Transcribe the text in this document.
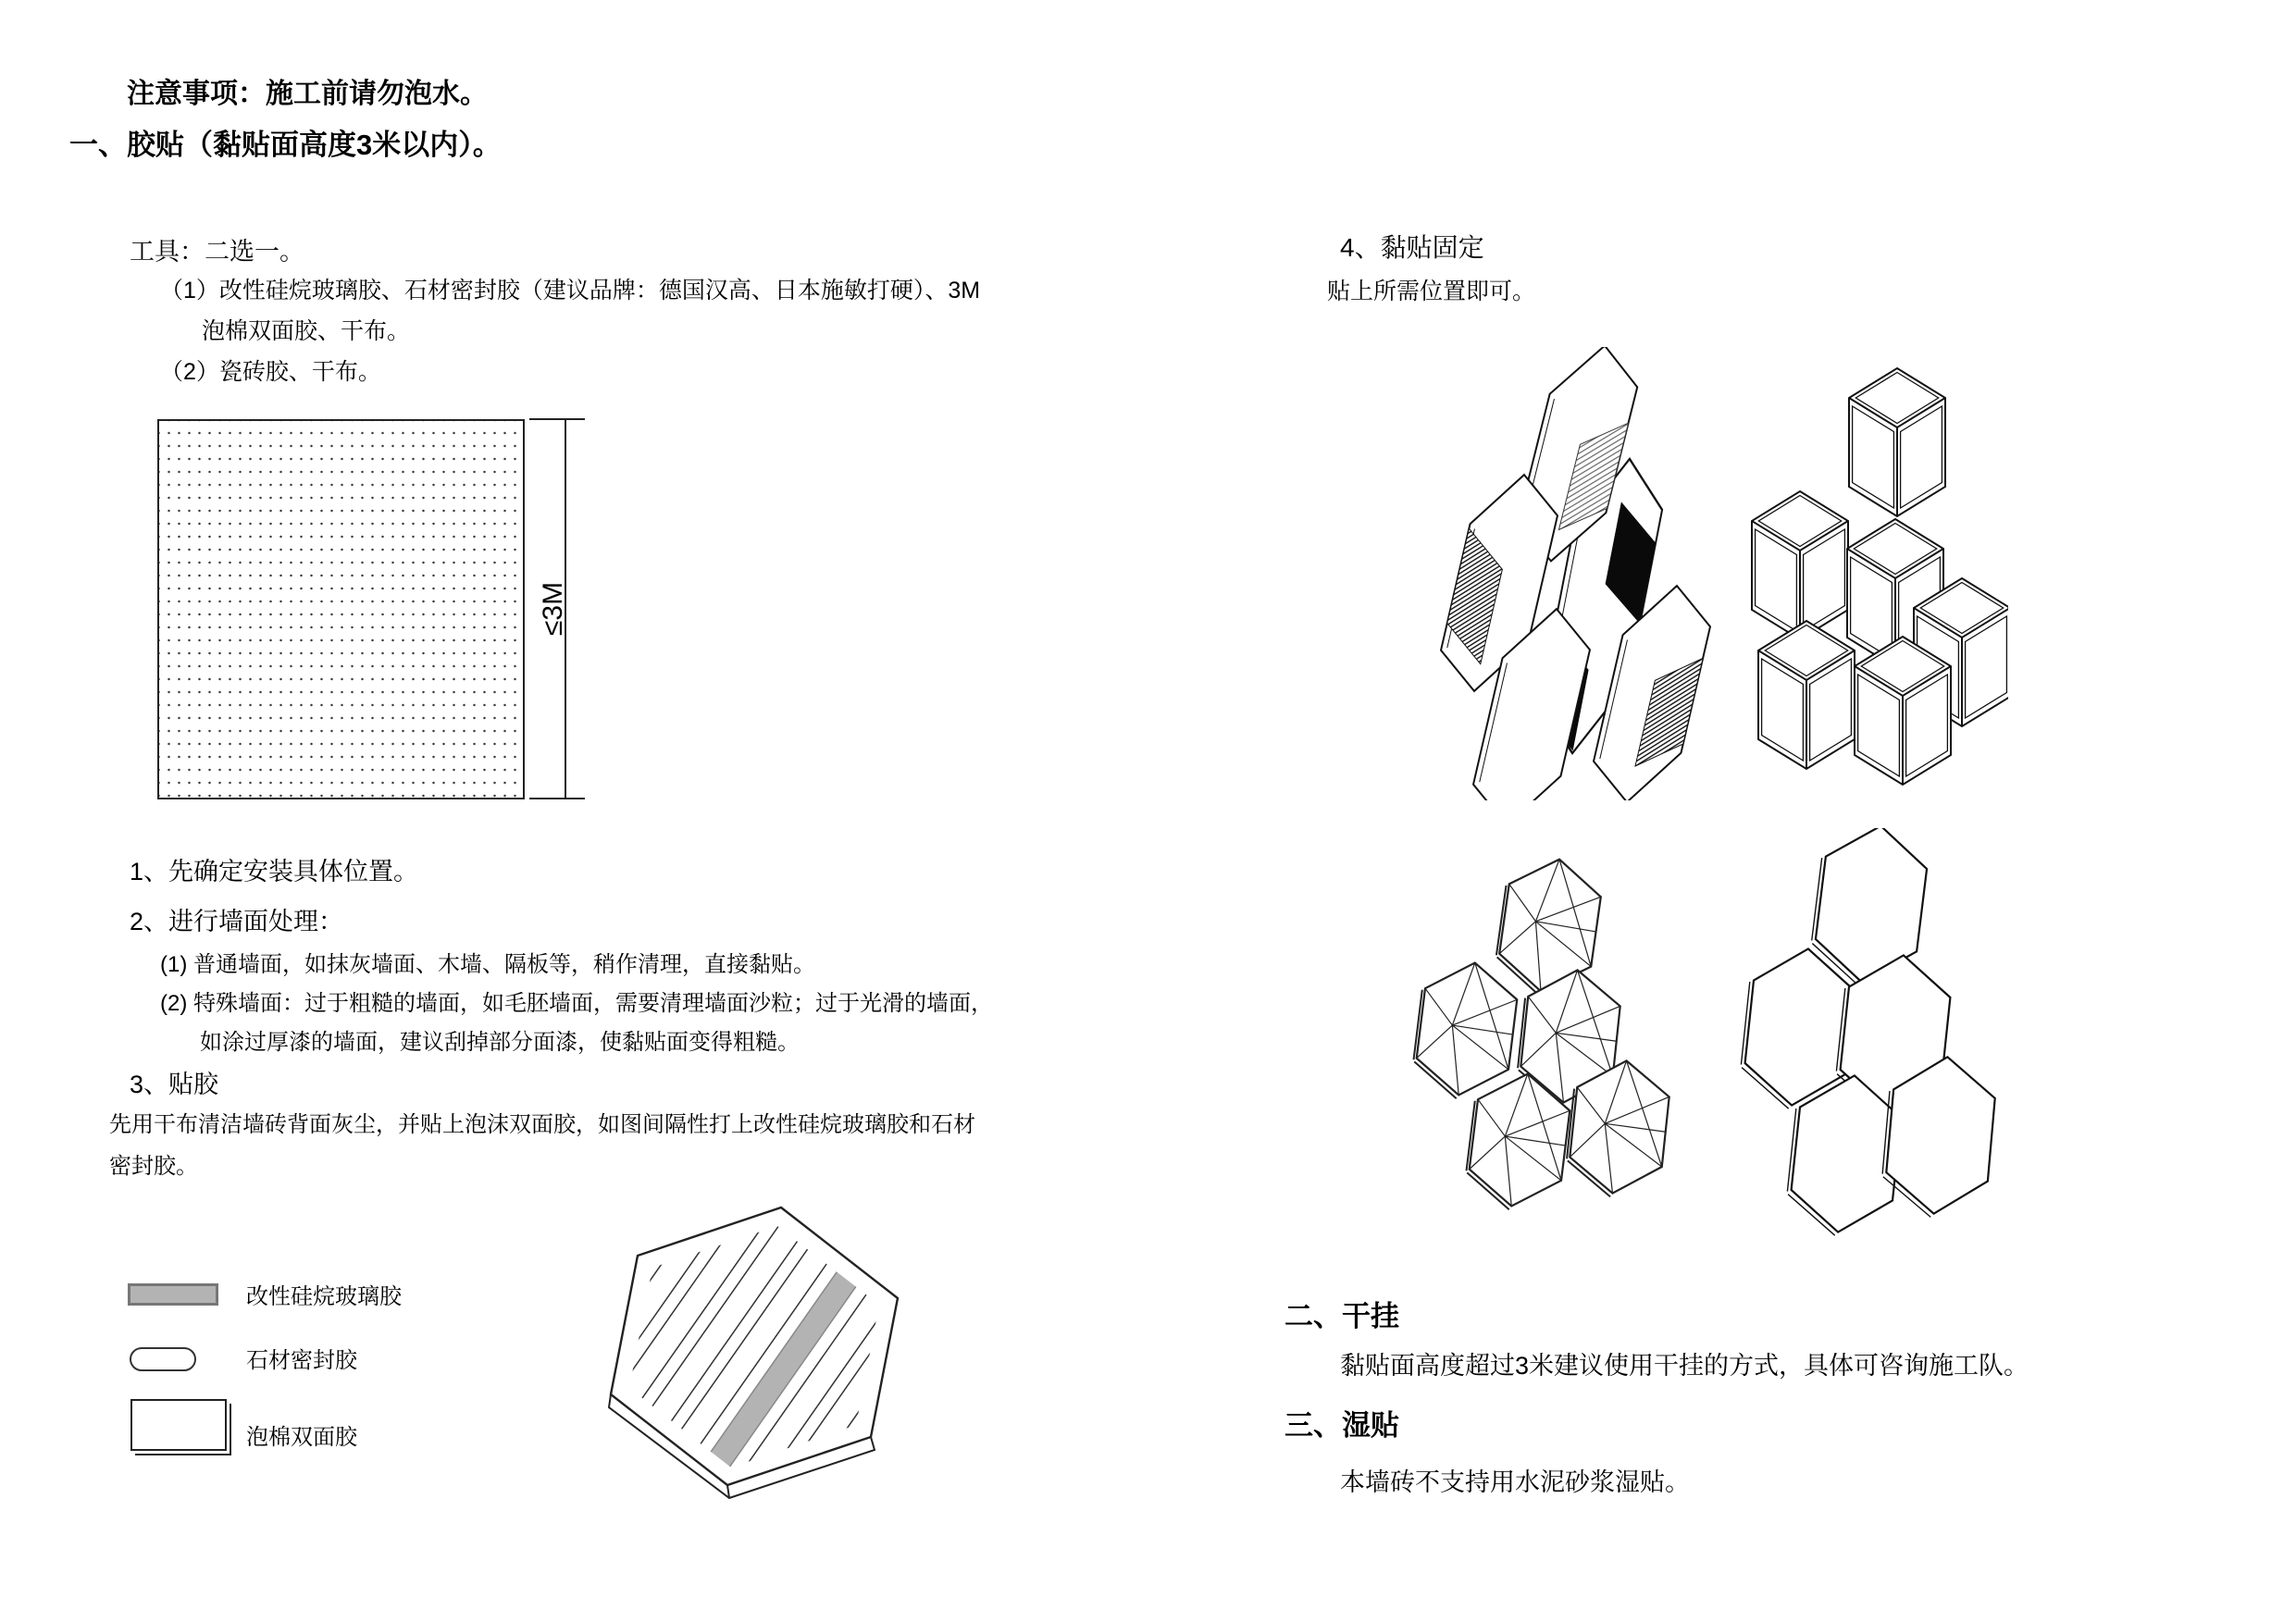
注意事项：施工前请勿泡水。
一、胶贴（黏贴面高度3米以内）。
工具：二选一。
（1）改性硅烷玻璃胶、石材密封胶（建议品牌：德国汉高、日本施敏打硬）、3M
泡棉双面胶、干布。
（2）瓷砖胶、干布。
≤3M
1、先确定安装具体位置。
2、进行墙面处理：
(1) 普通墙面，如抹灰墙面、木墙、隔板等，稍作清理，直接黏贴。
(2) 特殊墙面：过于粗糙的墙面，如毛胚墙面，需要清理墙面沙粒；过于光滑的墙面，
如涂过厚漆的墙面，建议刮掉部分面漆，使黏贴面变得粗糙。
3、贴胶
先用干布清洁墙砖背面灰尘，并贴上泡沫双面胶，如图间隔性打上改性硅烷玻璃胶和石材
密封胶。
改性硅烷玻璃胶
石材密封胶
泡棉双面胶
4、黏贴固定
贴上所需位置即可。
二、干挂
黏贴面高度超过3米建议使用干挂的方式，具体可咨询施工队。
三、湿贴
本墙砖不支持用水泥砂浆湿贴。
